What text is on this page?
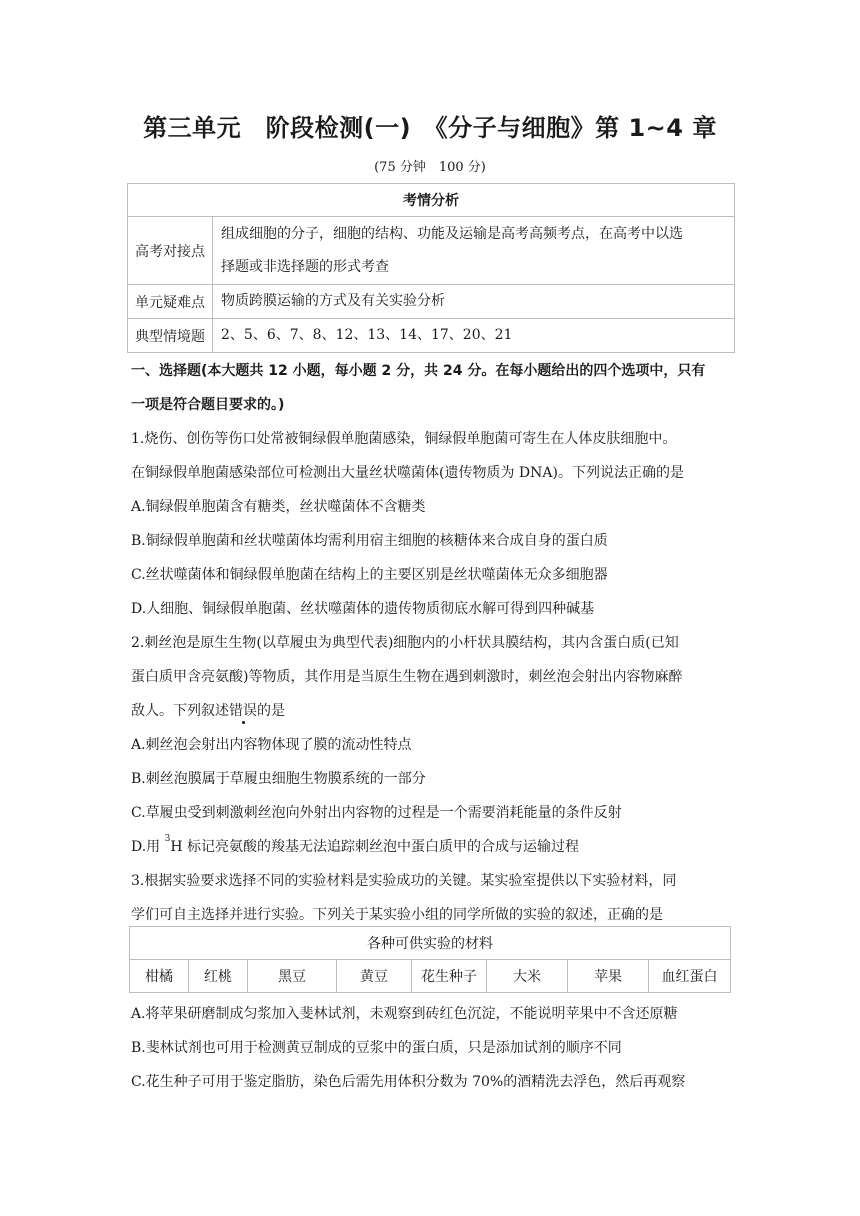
第三单元　阶段检测(一)　《分子与细胞》第 1~4 章
(75 分钟　100 分)
考情分析	
高考对接点	组成细胞的分子，细胞的结构、功能及运输是高考高频考点，在高考中以选
择题或非选择题的形式考查

单元疑难点	物质跨膜运输的方式及有关实验分析
典型情境题	2、5、6、7、8、12、13、14、17、20、21
一、选择题(本大题共 12 小题，每小题 2 分，共 24 分。在每小题给出的四个选项中，只有
一项是符合题目要求的。)
1.烧伤、创伤等伤口处常被铜绿假单胞菌感染，铜绿假单胞菌可寄生在人体皮肤细胞中。
在铜绿假单胞菌感染部位可检测出大量丝状噬菌体(遗传物质为 DNA)。下列说法正确的是
A.铜绿假单胞菌含有糖类，丝状噬菌体不含糖类
B.铜绿假单胞菌和丝状噬菌体均需利用宿主细胞的核糖体来合成自身的蛋白质
C.丝状噬菌体和铜绿假单胞菌在结构上的主要区别是丝状噬菌体无众多细胞器
D.人细胞、铜绿假单胞菌、丝状噬菌体的遗传物质彻底水解可得到四种碱基
2.刺丝泡是原生生物(以草履虫为典型代表)细胞内的小杆状具膜结构，其内含蛋白质(已知
蛋白质甲含亮氨酸)等物质，其作用是当原生生物在遇到刺激时，刺丝泡会射出内容物麻醉
敌人。下列叙述错误的是
A.刺丝泡会射出内容物体现了膜的流动性特点
B.刺丝泡膜属于草履虫细胞生物膜系统的一部分
C.草履虫受到刺激刺丝泡向外射出内容物的过程是一个需要消耗能量的条件反射
D.用 $^3$H 标记亮氨酸的羧基无法追踪刺丝泡中蛋白质甲的合成与运输过程
3.根据实验要求选择不同的实验材料是实验成功的关键。某实验室提供以下实验材料，同
学们可自主选择并进行实验。下列关于某实验小组的同学所做的实验的叙述，正确的是
各种可供实验的材料
柑橘	红桃	黑豆	黄豆	花生种子	大米	苹果	血红蛋白
A.将苹果研磨制成匀浆加入斐林试剂，未观察到砖红色沉淀，不能说明苹果中不含还原糖
B.斐林试剂也可用于检测黄豆制成的豆浆中的蛋白质，只是添加试剂的顺序不同
C.花生种子可用于鉴定脂肪，染色后需先用体积分数为 70%的酒精洗去浮色，然后再观察
